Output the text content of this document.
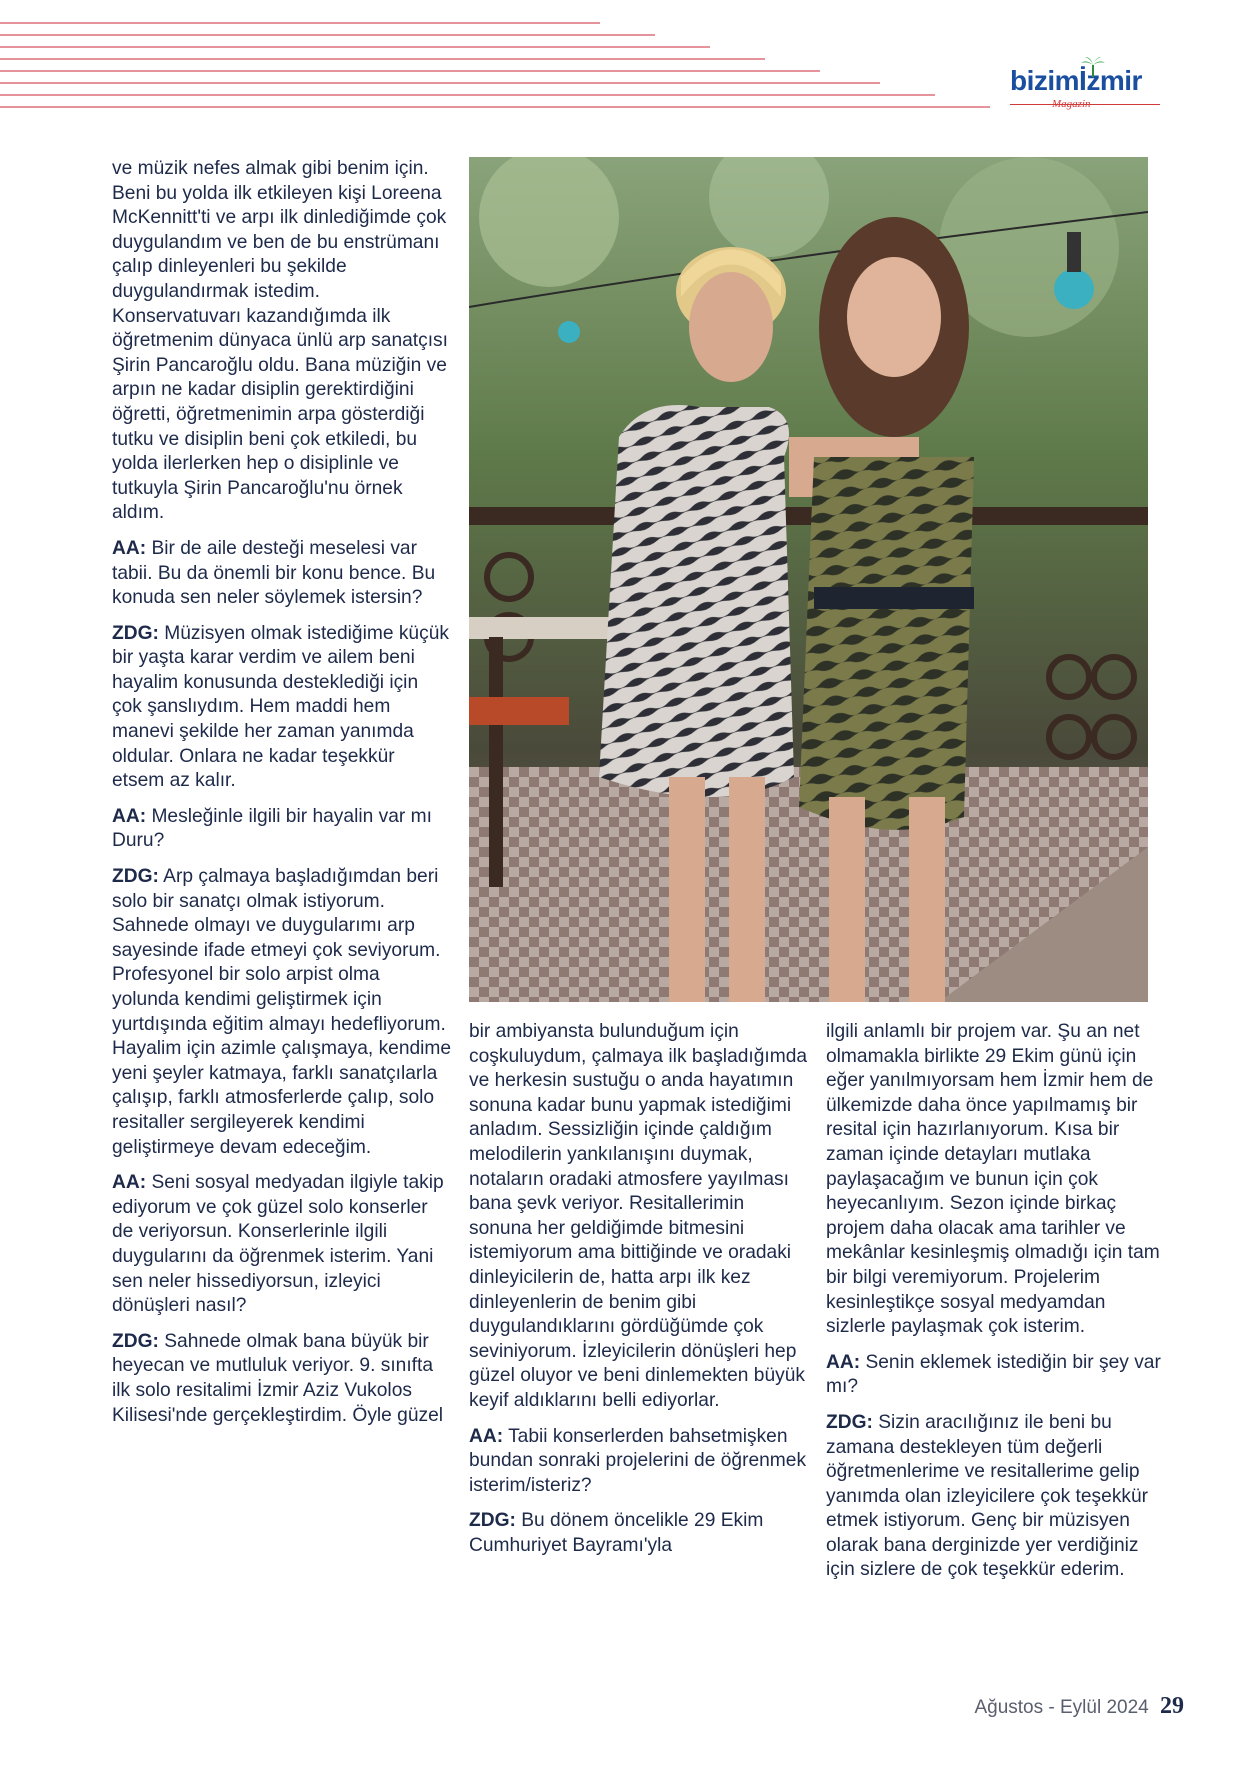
bizimİzmir
Magazin

ve müzik nefes almak gibi benim için. Beni bu yolda ilk etkileyen kişi Loreena McKennitt'ti ve arpı ilk dinlediğimde çok duygulandım ve ben de bu enstrümanı çalıp dinleyenleri bu şekilde duygulandırmak istedim. Konservatuvarı kazandığımda ilk öğretmenim dünyaca ünlü arp sanatçısı Şirin Pancaroğlu oldu. Bana müziğin ve arpın ne kadar disiplin gerektirdiğini öğretti, öğretmenimin arpa gösterdiği tutku ve disiplin beni çok etkiledi, bu yolda ilerlerken hep o disiplinle ve tutkuyla Şirin Pancaroğlu'nu örnek aldım.

AA: Bir de aile desteği meselesi var tabii. Bu da önemli bir konu bence. Bu konuda sen neler söylemek istersin?

ZDG: Müzisyen olmak istediğime küçük bir yaşta karar verdim ve ailem beni hayalim konusunda desteklediği için çok şanslıydım. Hem maddi hem manevi şekilde her zaman yanımda oldular. Onlara ne kadar teşekkür etsem az kalır.

AA: Mesleğinle ilgili bir hayalin var mı Duru?

ZDG: Arp çalmaya başladığımdan beri solo bir sanatçı olmak istiyorum. Sahnede olmayı ve duygularımı arp sayesinde ifade etmeyi çok seviyorum. Profesyonel bir solo arpist olma yolunda kendimi geliştirmek için yurtdışında eğitim almayı hedefliyorum. Hayalim için azimle çalışmaya, kendime yeni şeyler katmaya, farklı sanatçılarla çalışıp, farklı atmosferlerde çalıp, solo resitaller sergileyerek kendimi geliştirmeye devam edeceğim.

AA: Seni sosyal medyadan ilgiyle takip ediyorum ve çok güzel solo konserler de veriyorsun. Konserlerinle ilgili duygularını da öğrenmek isterim. Yani sen neler hissediyorsun, izleyici dönüşleri nasıl?

ZDG: Sahnede olmak bana büyük bir heyecan ve mutluluk veriyor. 9. sınıfta ilk solo resitalimi İzmir Aziz Vukolos Kilisesi'nde gerçekleştirdim. Öyle güzel

bir ambiyansta bulunduğum için coşkuluydum, çalmaya ilk başladığımda ve herkesin sustuğu o anda hayatımın sonuna kadar bunu yapmak istediğimi anladım. Sessizliğin içinde çaldığım melodilerin yankılanışını duymak, notaların oradaki atmosfere yayılması bana şevk veriyor. Resitallerimin sonuna her geldiğimde bitmesini istemiyorum ama bittiğinde ve oradaki dinleyicilerin de, hatta arpı ilk kez dinleyenlerin de benim gibi duygulandıklarını gördüğümde çok seviniyorum. İzleyicilerin dönüşleri hep güzel oluyor ve beni dinlemekten büyük keyif aldıklarını belli ediyorlar.

AA: Tabii konserlerden bahsetmişken bundan sonraki projelerini de öğrenmek isterim/isteriz?

ZDG: Bu dönem öncelikle 29 Ekim Cumhuriyet Bayramı'yla

ilgili anlamlı bir projem var. Şu an net olmamakla birlikte 29 Ekim günü için eğer yanılmıyorsam hem İzmir hem de ülkemizde daha önce yapılmamış bir resital için hazırlanıyorum. Kısa bir zaman içinde detayları mutlaka paylaşacağım ve bunun için çok heyecanlıyım. Sezon içinde birkaç projem daha olacak ama tarihler ve mekânlar kesinleşmiş olmadığı için tam bir bilgi veremiyorum. Projelerim kesinleştikçe sosyal medyamdan sizlerle paylaşmak çok isterim.

AA: Senin eklemek istediğin bir şey var mı?

ZDG: Sizin aracılığınız ile beni bu zamana destekleyen tüm değerli öğretmenlerime ve resitallerime gelip yanımda olan izleyicilere çok teşekkür etmek istiyorum. Genç bir müzisyen olarak bana derginizde yer verdiğiniz için sizlere de çok teşekkür ederim.

Ağustos - Eylül 2024 29
